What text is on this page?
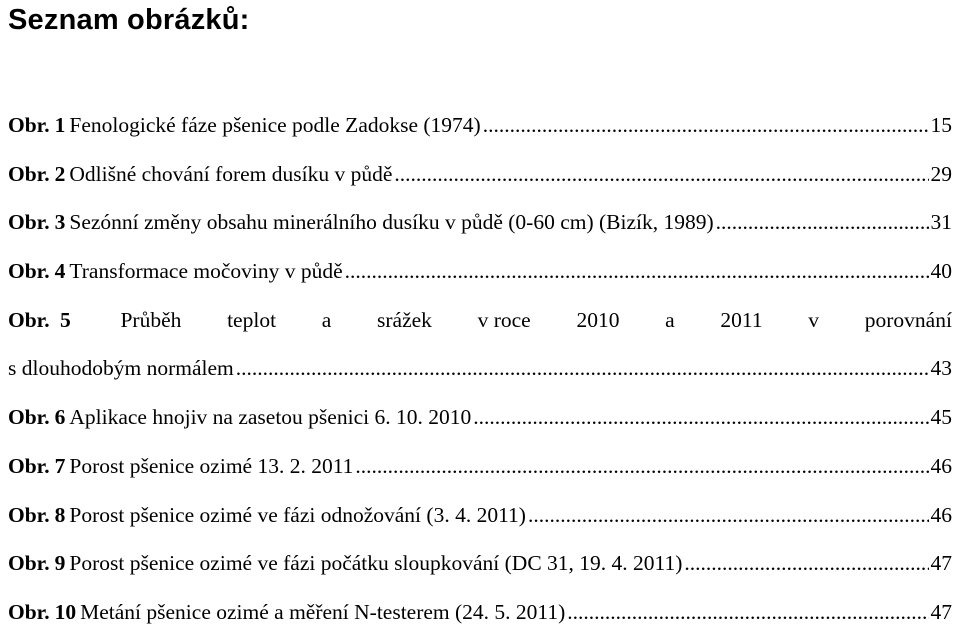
Seznam obrázků:
Obr. 1 Fenologické fáze pšenice podle Zadokse (1974) .....	15
Obr. 2 Odlišné chování forem dusíku v půdě .....	29
Obr. 3 Sezónní změny obsahu minerálního dusíku v půdě (0-60 cm) (Bizík, 1989) .....	31
Obr. 4 Transformace močoviny v půdě .....	40
Obr. 5 Průběh teplot a srážek v roce 2010 a 2011 v porovnání
s dlouhodobým normálem .....	43
Obr. 6 Aplikace hnojiv na zasetou pšenici 6. 10. 2010 .....	45
Obr. 7 Porost pšenice ozimé 13. 2. 2011 .....	46
Obr. 8 Porost pšenice ozimé ve fázi odnožování (3. 4. 2011) .....	46
Obr. 9 Porost pšenice ozimé ve fázi počátku sloupkování (DC 31, 19. 4. 2011) .....	47
Obr. 10 Metání pšenice ozimé a měření N-testerem (24. 5. 2011) .....	47
